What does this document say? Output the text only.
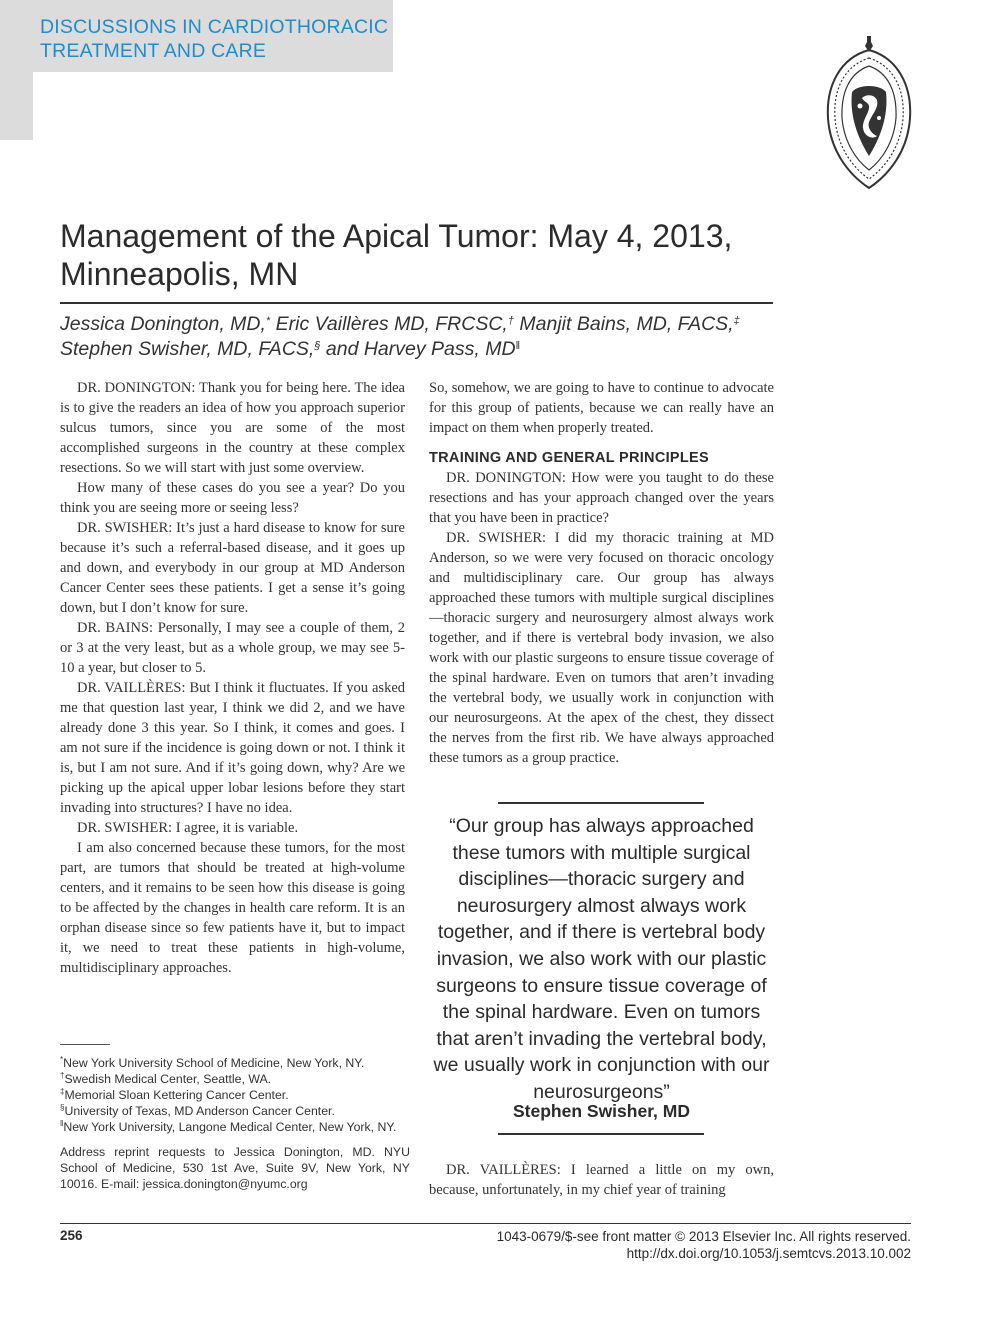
DISCUSSIONS IN CARDIOTHORACIC
TREATMENT AND CARE
Management of the Apical Tumor: May 4, 2013,
Minneapolis, MN
Jessica Donington, MD,* Eric Vaillères MD, FRCSC,† Manjit Bains, MD, FACS,‡
Stephen Swisher, MD, FACS,§ and Harvey Pass, MD‖

DR. DONINGTON: Thank you for being here. The idea is to give the readers an idea of how you approach superior sulcus tumors, since you are some of the most accomplished surgeons in the country at these complex resections. So we will start with just some overview.

How many of these cases do you see a year? Do you think you are seeing more or seeing less?

DR. SWISHER: It’s just a hard disease to know for sure because it’s such a referral-based disease, and it goes up and down, and everybody in our group at MD Anderson Cancer Center sees these patients. I get a sense it’s going down, but I don’t know for sure.

DR. BAINS: Personally, I may see a couple of them, 2 or 3 at the very least, but as a whole group, we may see 5-10 a year, but closer to 5.

DR. VAILLÈRES: But I think it fluctuates. If you asked me that question last year, I think we did 2, and we have already done 3 this year. So I think, it comes and goes. I am not sure if the incidence is going down or not. I think it is, but I am not sure. And if it’s going down, why? Are we picking up the apical upper lobar lesions before they start invading into structures? I have no idea.

DR. SWISHER: I agree, it is variable.

I am also concerned because these tumors, for the most part, are tumors that should be treated at high-volume centers, and it remains to be seen how this disease is going to be affected by the changes in health care reform. It is an orphan disease since so few patients have it, but to impact it, we need to treat these patients in high-volume, multidisciplinary approaches.

So, somehow, we are going to have to continue to advocate for this group of patients, because we can really have an impact on them when properly treated.

TRAINING AND GENERAL PRINCIPLES

DR. DONINGTON: How were you taught to do these resections and has your approach changed over the years that you have been in practice?

DR. SWISHER: I did my thoracic training at MD Anderson, so we were very focused on thoracic oncology and multidisciplinary care. Our group has always approached these tumors with multiple surgical disciplines—thoracic surgery and neurosurgery almost always work together, and if there is vertebral body invasion, we also work with our plastic surgeons to ensure tissue coverage of the spinal hardware. Even on tumors that aren’t invading the vertebral body, we usually work in conjunction with our neurosurgeons. At the apex of the chest, they dissect the nerves from the first rib. We have always approached these tumors as a group practice.

“Our group has always approached these tumors with multiple surgical disciplines—thoracic surgery and neurosurgery almost always work together, and if there is vertebral body invasion, we also work with our plastic surgeons to ensure tissue coverage of the spinal hardware. Even on tumors that aren’t invading the vertebral body, we usually work in conjunction with our neurosurgeons”
Stephen Swisher, MD

DR. VAILLÈRES: I learned a little on my own, because, unfortunately, in my chief year of training

*New York University School of Medicine, New York, NY.
†Swedish Medical Center, Seattle, WA.
‡Memorial Sloan Kettering Cancer Center.
§University of Texas, MD Anderson Cancer Center.
‖New York University, Langone Medical Center, New York, NY.
Address reprint requests to Jessica Donington, MD. NYU School of Medicine, 530 1st Ave, Suite 9V, New York, NY 10016. E-mail: jessica.donington@nyumc.org
256	1043-0679/$-see front matter © 2013 Elsevier Inc. All rights reserved.
http://dx.doi.org/10.1053/j.semtcvs.2013.10.002
